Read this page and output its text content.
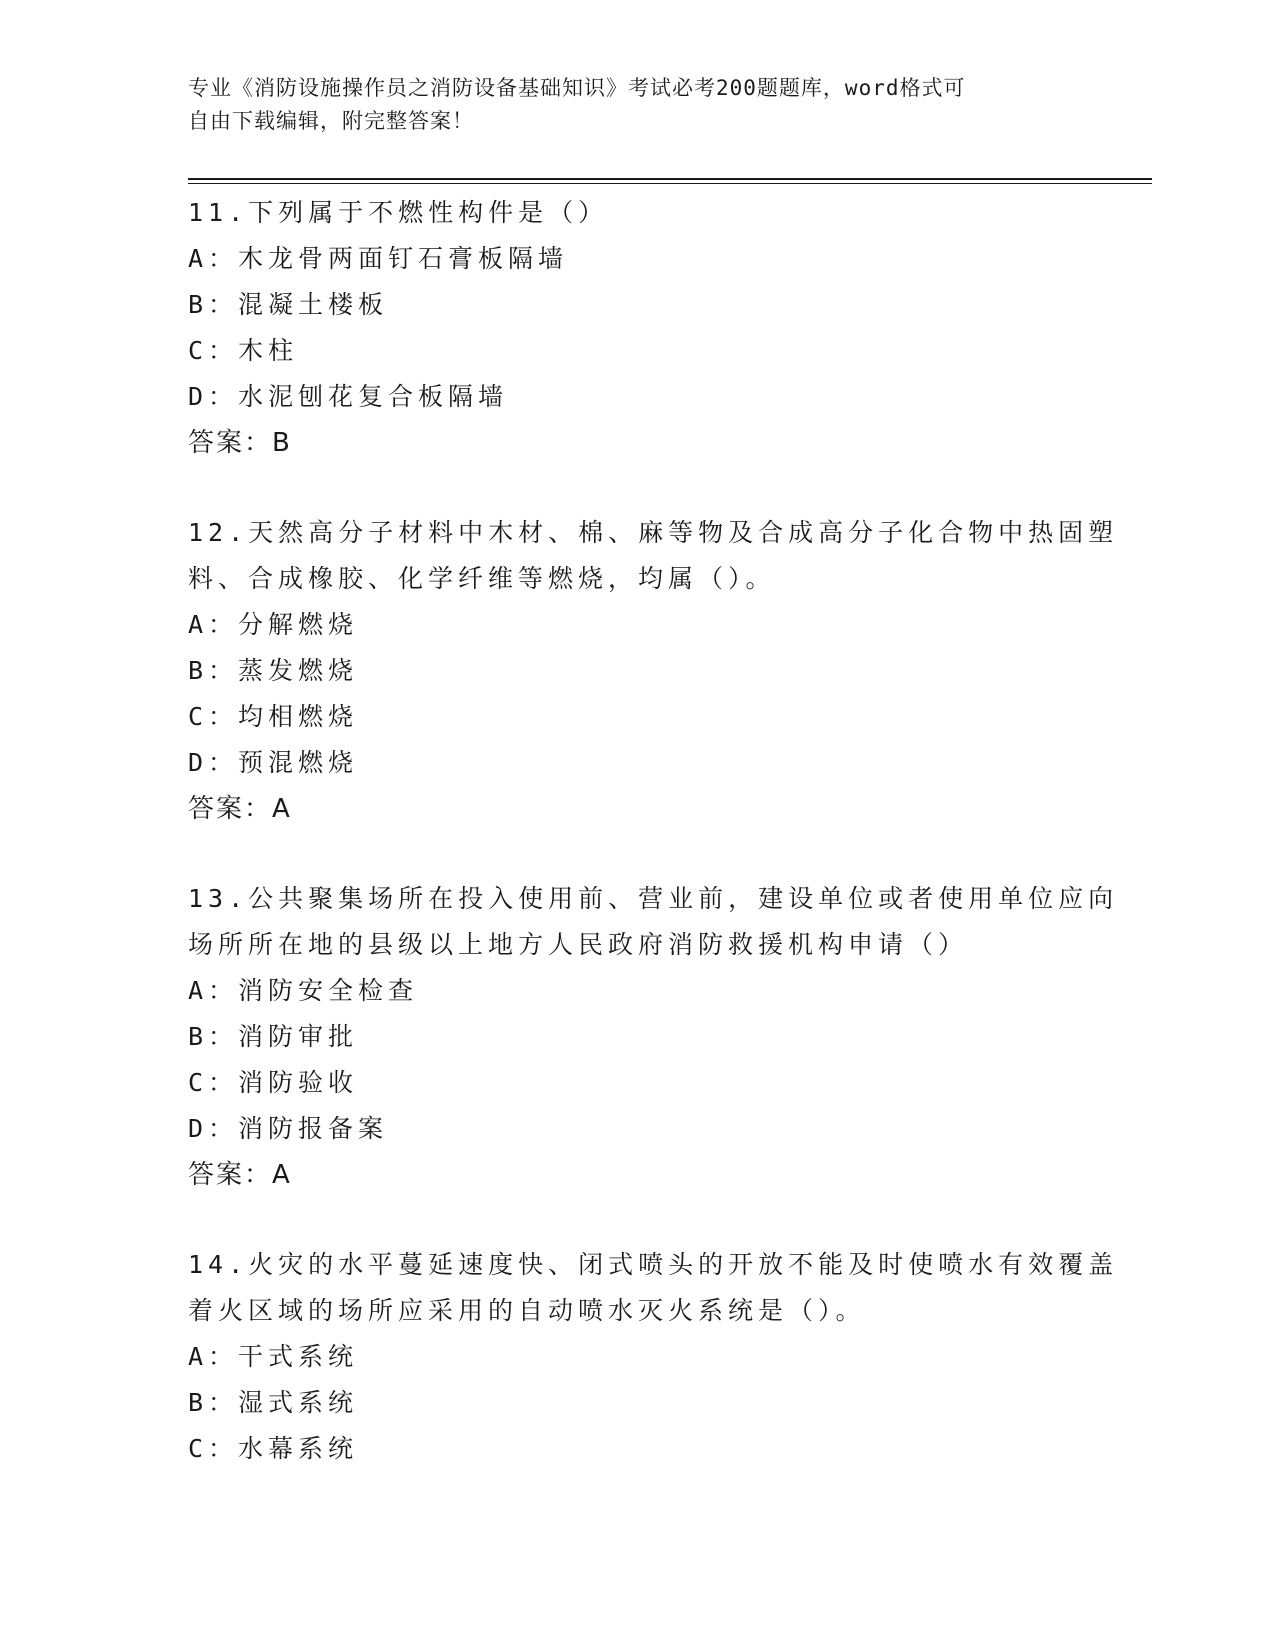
专业《消防设施操作员之消防设备基础知识》考试必考200题题库，word格式可
自由下载编辑，附完整答案！
11.下列属于不燃性构件是（）
A：木龙骨两面钉石膏板隔墙
B：混凝土楼板
C：木柱
D：水泥刨花复合板隔墙
答案：B
12.天然高分子材料中木材、棉、麻等物及合成高分子化合物中热固塑
料、合成橡胶、化学纤维等燃烧，均属（）。
A：分解燃烧
B：蒸发燃烧
C：均相燃烧
D：预混燃烧
答案：A
13.公共聚集场所在投入使用前、营业前，建设单位或者使用单位应向
场所所在地的县级以上地方人民政府消防救援机构申请（）
A：消防安全检查
B：消防审批
C：消防验收
D：消防报备案
答案：A
14.火灾的水平蔓延速度快、闭式喷头的开放不能及时使喷水有效覆盖
着火区域的场所应采用的自动喷水灭火系统是（）。
A：干式系统
B：湿式系统
C：水幕系统
